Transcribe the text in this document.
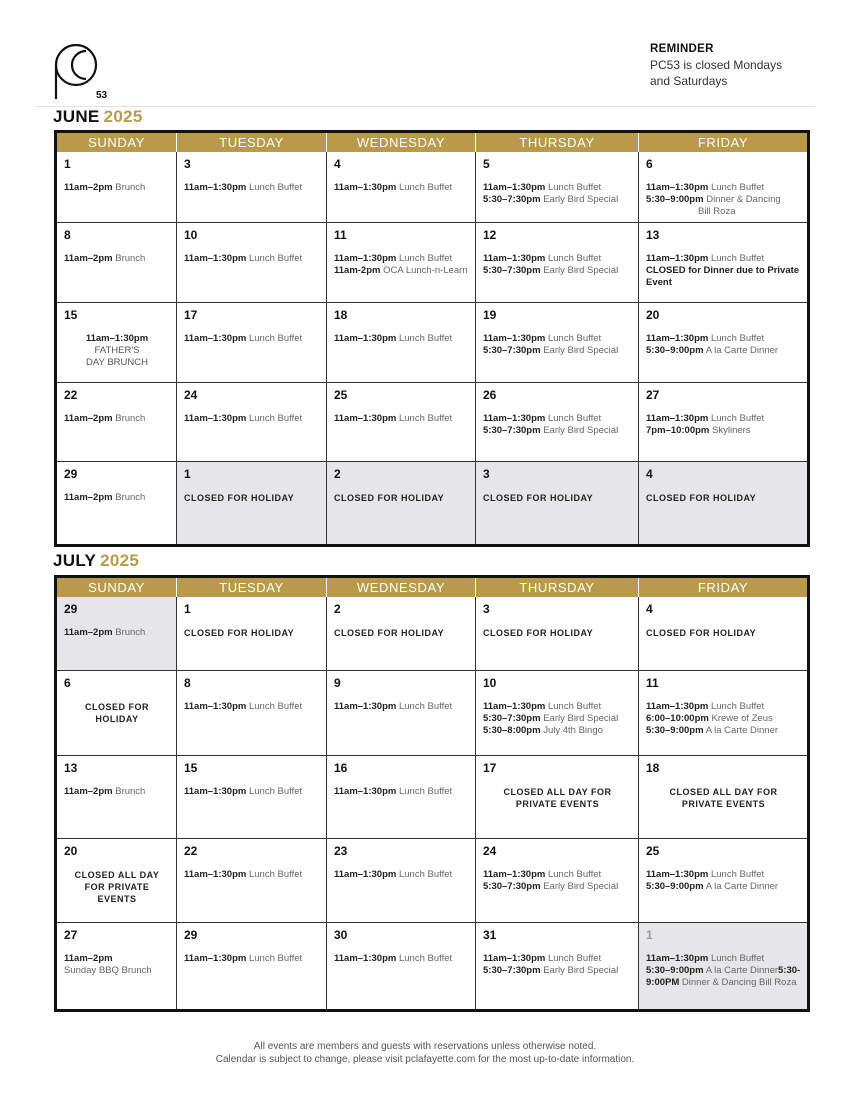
53
REMINDER
PC53 is closed Mondays
and Saturdays
JUNE 2025
SUNDAY	TUESDAY	WEDNESDAY	THURSDAY	FRIDAY

1
11am–2pm Brunch	3
11am–1:30pm Lunch Buffet	4
11am–1:30pm Lunch Buffet	5
11am–1:30pm Lunch Buffet
5:30–7:30pm Early Bird Special	6
11am–1:30pm Lunch Buffet
5:30–9:00pm Dinner & Dancing
Bill Roza

8
11am–2pm Brunch	10
11am–1:30pm Lunch Buffet	11
11am–1:30pm Lunch Buffet
11am-2pm OCA Lunch-n-Learn	12
11am–1:30pm Lunch Buffet
5:30–7:30pm Early Bird Special	13
11am–1:30pm Lunch Buffet
CLOSED for Dinner due to Private Event

15
11am–1:30pm
FATHER'S DAY BRUNCH	17
11am–1:30pm Lunch Buffet	18
11am–1:30pm Lunch Buffet	19
11am–1:30pm Lunch Buffet
5:30–7:30pm Early Bird Special	20
11am–1:30pm Lunch Buffet
5:30–9:00pm A la Carte Dinner

22
11am–2pm Brunch	24
11am–1:30pm Lunch Buffet	25
11am–1:30pm Lunch Buffet	26
11am–1:30pm Lunch Buffet
5:30–7:30pm Early Bird Special	27
11am–1:30pm Lunch Buffet
7pm–10:00pm Skyliners

29
11am–2pm Brunch	1
CLOSED FOR HOLIDAY	2
CLOSED FOR HOLIDAY	3
CLOSED FOR HOLIDAY	4
CLOSED FOR HOLIDAY
JULY 2025
SUNDAY	TUESDAY	WEDNESDAY	THURSDAY	FRIDAY

29
11am–2pm Brunch	1
CLOSED FOR HOLIDAY	2
CLOSED FOR HOLIDAY	3
CLOSED FOR HOLIDAY	4
CLOSED FOR HOLIDAY

6
CLOSED FOR HOLIDAY	8
11am–1:30pm Lunch Buffet	9
11am–1:30pm Lunch Buffet	10
11am–1:30pm Lunch Buffet
5:30–7:30pm Early Bird Special
5:30–8:00pm July 4th Bingo	11
11am–1:30pm Lunch Buffet
6:00–10:00pm Krewe of Zeus
5:30–9:00pm A la Carte Dinner

13
11am–2pm Brunch	15
11am–1:30pm Lunch Buffet	16
11am–1:30pm Lunch Buffet	17
CLOSED ALL DAY FOR PRIVATE EVENTS	18
CLOSED ALL DAY FOR PRIVATE EVENTS

20
CLOSED ALL DAY FOR PRIVATE EVENTS	22
11am–1:30pm Lunch Buffet	23
11am–1:30pm Lunch Buffet	24
11am–1:30pm Lunch Buffet
5:30–7:30pm Early Bird Special	25
11am–1:30pm Lunch Buffet
5:30–9:00pm A la Carte Dinner

27
11am–2pm
Sunday BBQ Brunch	29
11am–1:30pm Lunch Buffet	30
11am–1:30pm Lunch Buffet	31
11am–1:30pm Lunch Buffet
5:30–7:30pm Early Bird Special	1
11am–1:30pm Lunch Buffet
5:30–9:00pm A la Carte Dinner5:30-9:00PM Dinner & Dancing Bill Roza
All events are members and guests with reservations unless otherwise noted.
Calendar is subject to change, please visit pclafayette.com for the most up-to-date information.
